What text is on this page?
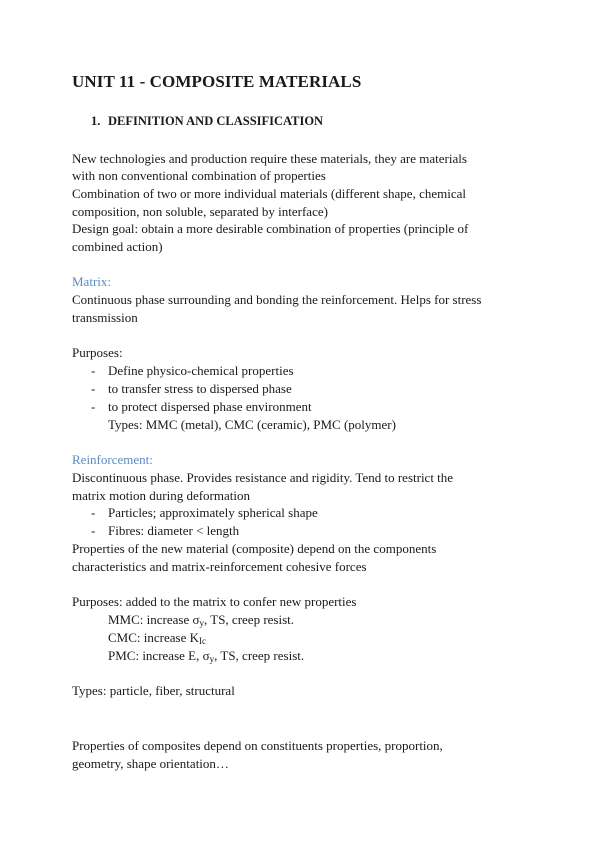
UNIT 11 - COMPOSITE MATERIALS
1. DEFINITION AND CLASSIFICATION
New technologies and production require these materials, they are materials
with non conventional combination of properties
Combination of two or more individual materials (different shape, chemical
composition, non soluble, separated by interface)
Design goal: obtain a more desirable combination of properties (principle of
combined action)
Matrix:
Continuous phase surrounding and bonding the reinforcement. Helps for stress
transmission
Purposes:
- Define physico-chemical properties
- to transfer stress to dispersed phase
- to protect dispersed phase environment
Types: MMC (metal), CMC (ceramic), PMC (polymer)
Reinforcement:
Discontinuous phase. Provides resistance and rigidity. Tend to restrict the
matrix motion during deformation
- Particles; approximately spherical shape
- Fibres: diameter < length
Properties of the new material (composite) depend on the components
characteristics and matrix-reinforcement cohesive forces
Purposes: added to the matrix to confer new properties
MMC: increase $\sigma_y$, TS, creep resist.
CMC: increase $K_{Ic}$
PMC: increase E, $\sigma_y$, TS, creep resist.
Types: particle, fiber, structural
Properties of composites depend on constituents properties, proportion,
geometry, shape orientation…
